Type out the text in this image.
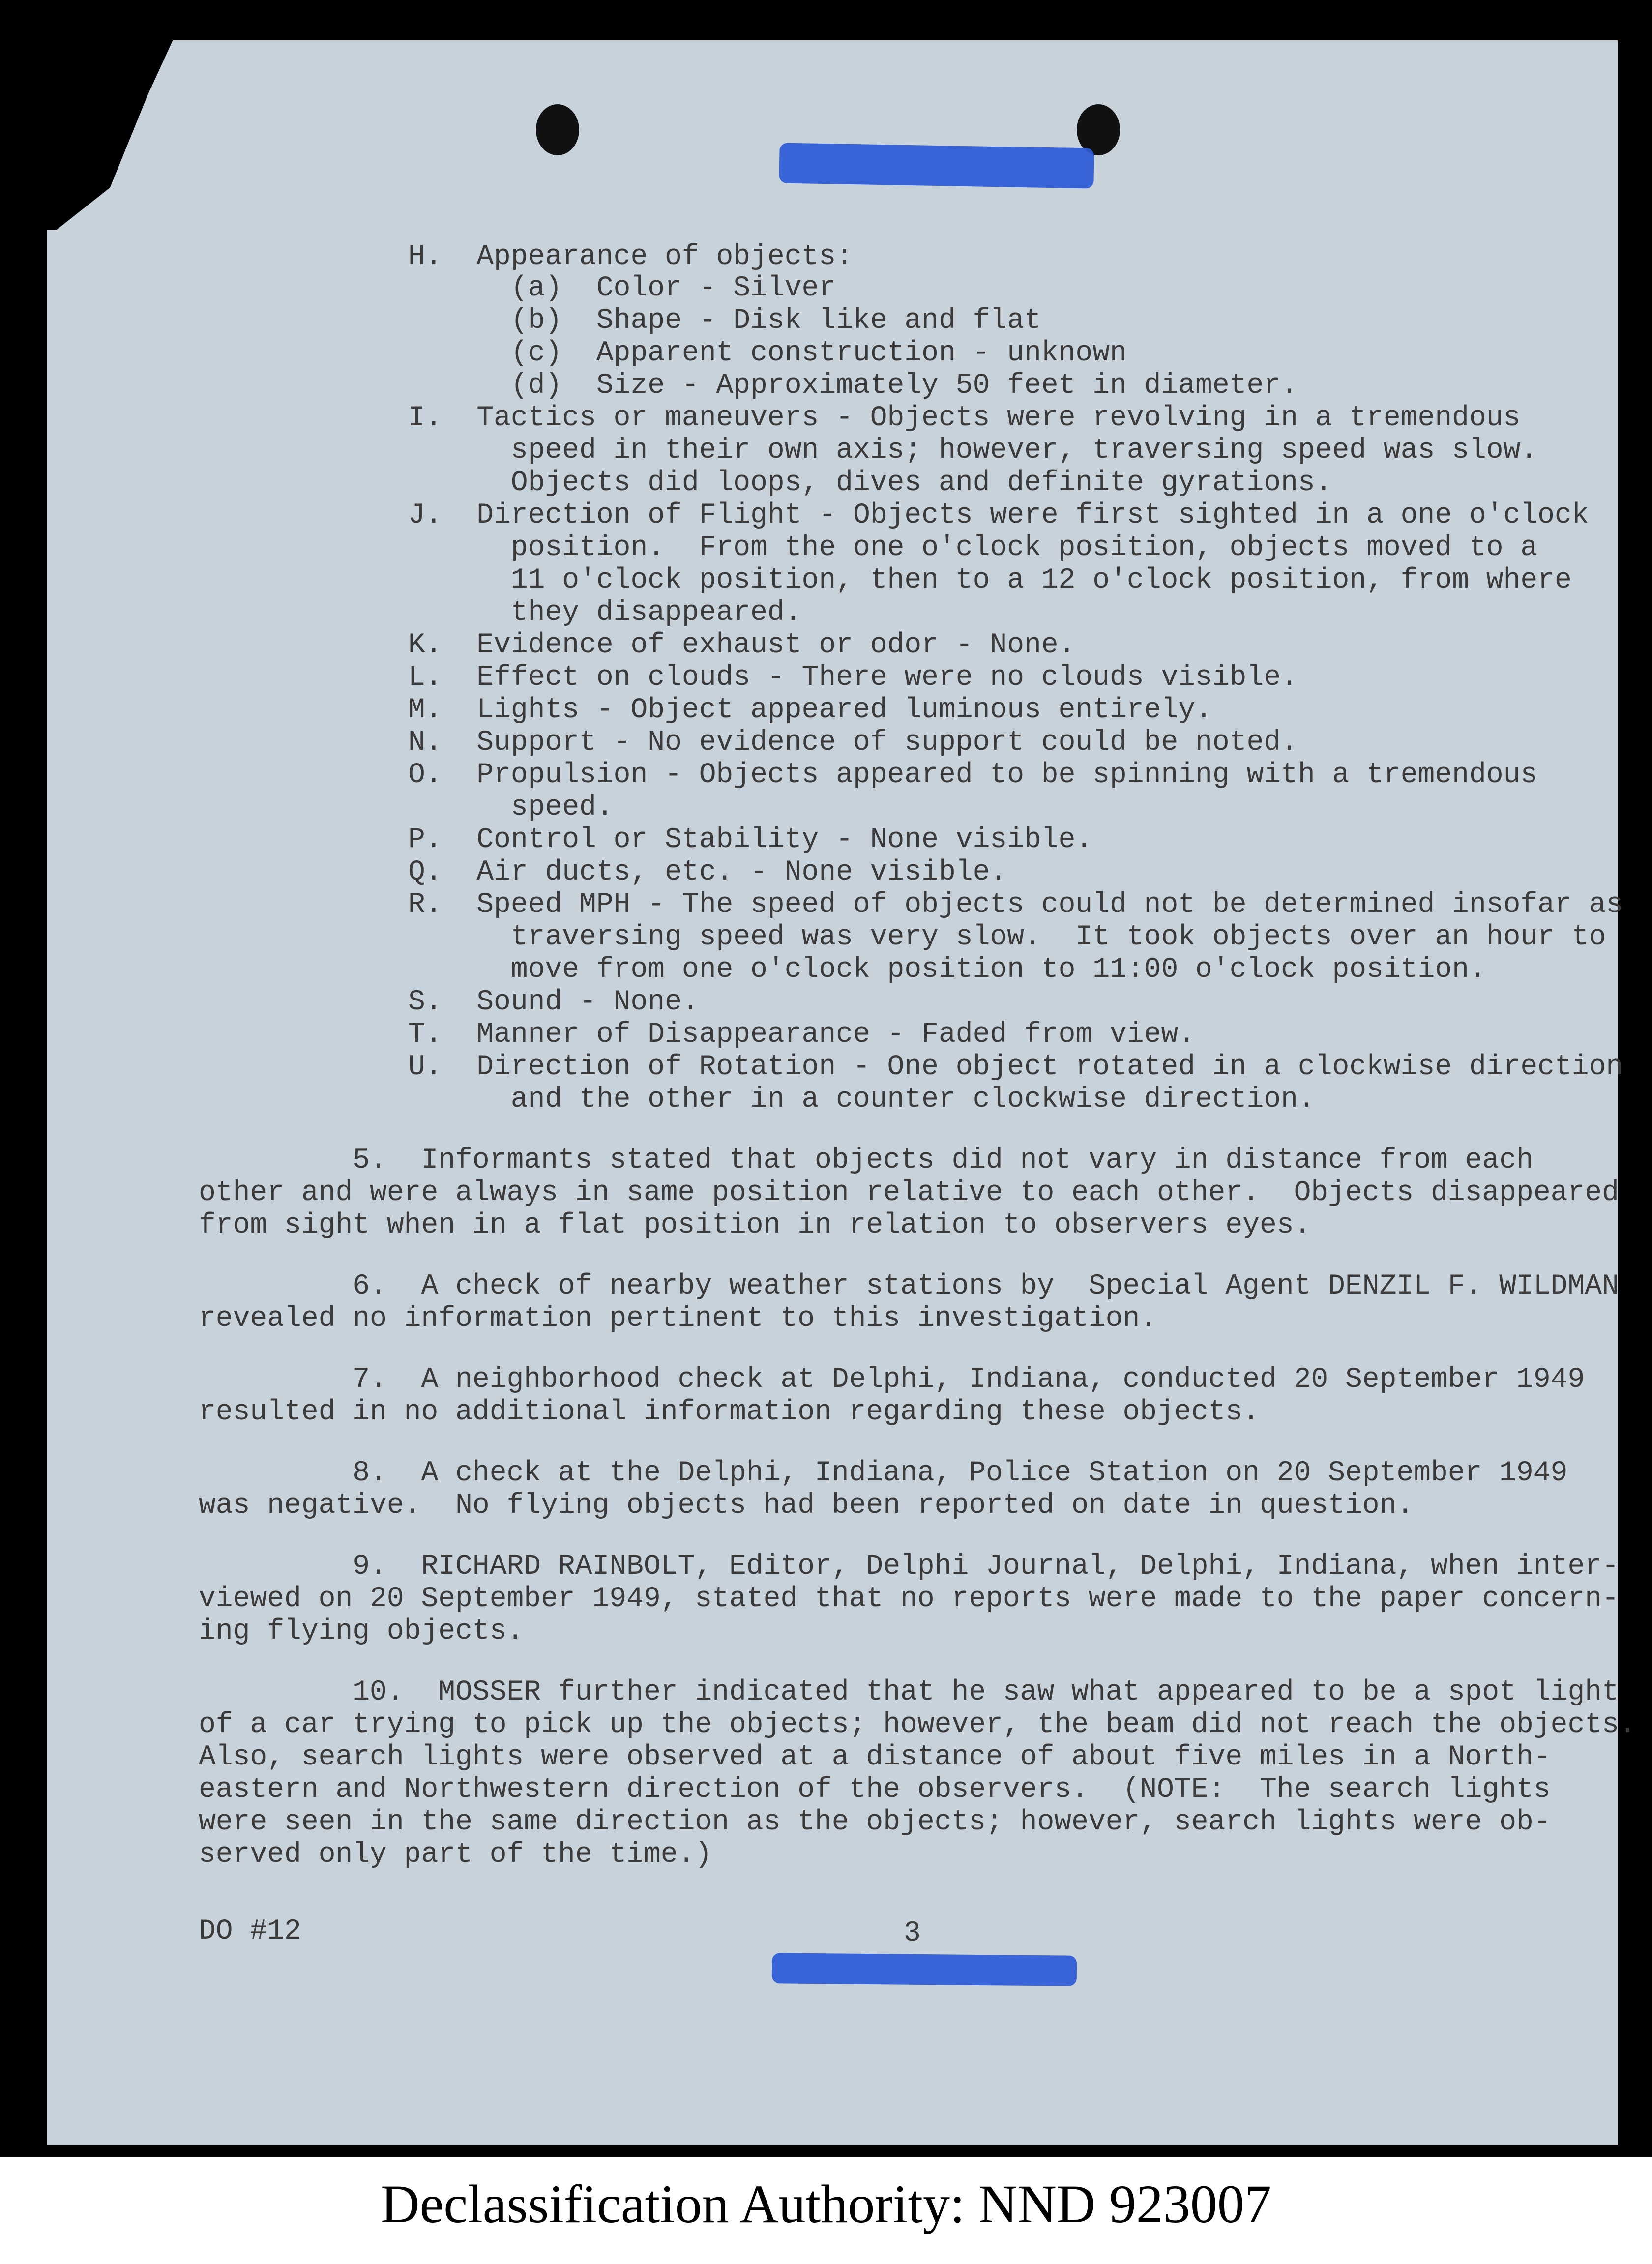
H.  Appearance of objects:
(a)  Color - Silver
(b)  Shape - Disk like and flat
(c)  Apparent construction - unknown
(d)  Size - Approximately 50 feet in diameter.
I.  Tactics or maneuvers - Objects were revolving in a tremendous
speed in their own axis; however, traversing speed was slow.
Objects did loops, dives and definite gyrations.
J.  Direction of Flight - Objects were first sighted in a one o'clock
position.  From the one o'clock position, objects moved to a
11 o'clock position, then to a 12 o'clock position, from where
they disappeared.
K.  Evidence of exhaust or odor - None.
L.  Effect on clouds - There were no clouds visible.
M.  Lights - Object appeared luminous entirely.
N.  Support - No evidence of support could be noted.
O.  Propulsion - Objects appeared to be spinning with a tremendous
speed.
P.  Control or Stability - None visible.
Q.  Air ducts, etc. - None visible.
R.  Speed MPH - The speed of objects could not be determined insofar as
traversing speed was very slow.  It took objects over an hour to
move from one o'clock position to 11:00 o'clock position.
S.  Sound - None.
T.  Manner of Disappearance - Faded from view.
U.  Direction of Rotation - One object rotated in a clockwise direction
and the other in a counter clockwise direction.
5.  Informants stated that objects did not vary in distance from each
other and were always in same position relative to each other.  Objects disappeared
from sight when in a flat position in relation to observers eyes.
6.  A check of nearby weather stations by  Special Agent DENZIL F. WILDMAN
revealed no information pertinent to this investigation.
7.  A neighborhood check at Delphi, Indiana, conducted 20 September 1949
resulted in no additional information regarding these objects.
8.  A check at the Delphi, Indiana, Police Station on 20 September 1949
was negative.  No flying objects had been reported on date in question.
9.  RICHARD RAINBOLT, Editor, Delphi Journal, Delphi, Indiana, when inter-
viewed on 20 September 1949, stated that no reports were made to the paper concern-
ing flying objects.
10.  MOSSER further indicated that he saw what appeared to be a spot light
of a car trying to pick up the objects; however, the beam did not reach the objects.
Also, search lights were observed at a distance of about five miles in a North-
eastern and Northwestern direction of the observers.  (NOTE:  The search lights
were seen in the same direction as the objects; however, search lights were ob-
served only part of the time.)
DO #12	3
Declassification Authority: NND 923007
